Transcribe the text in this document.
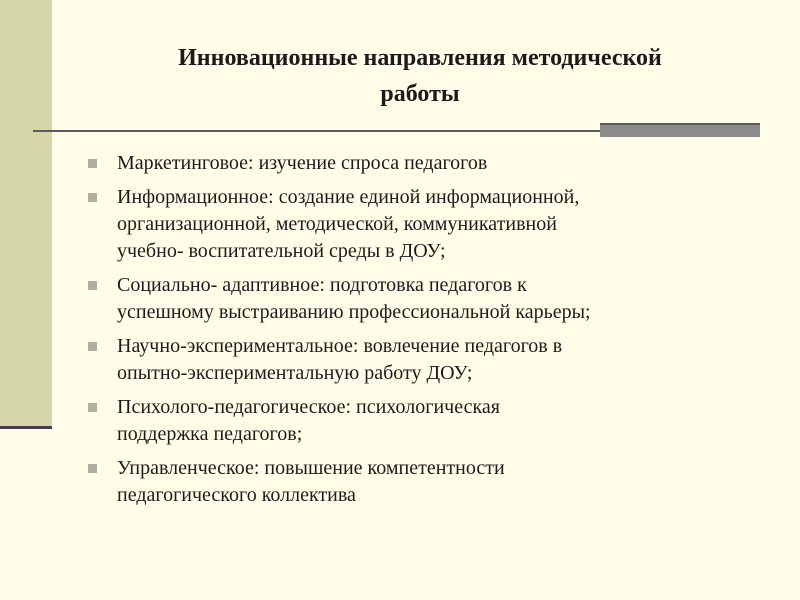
Инновационные направления методической
работы
Маркетинговое: изучение спроса педагогов
Информационное: создание единой информационной,
организационной, методической, коммуникативной
учебно- воспитательной среды в ДОУ;
Социально- адаптивное: подготовка педагогов к
успешному выстраиванию профессиональной карьеры;
Научно-экспериментальное: вовлечение педагогов в
опытно-экспериментальную работу ДОУ;
Психолого-педагогическое: психологическая
поддержка педагогов;
Управленческое: повышение компетентности
педагогического коллектива
